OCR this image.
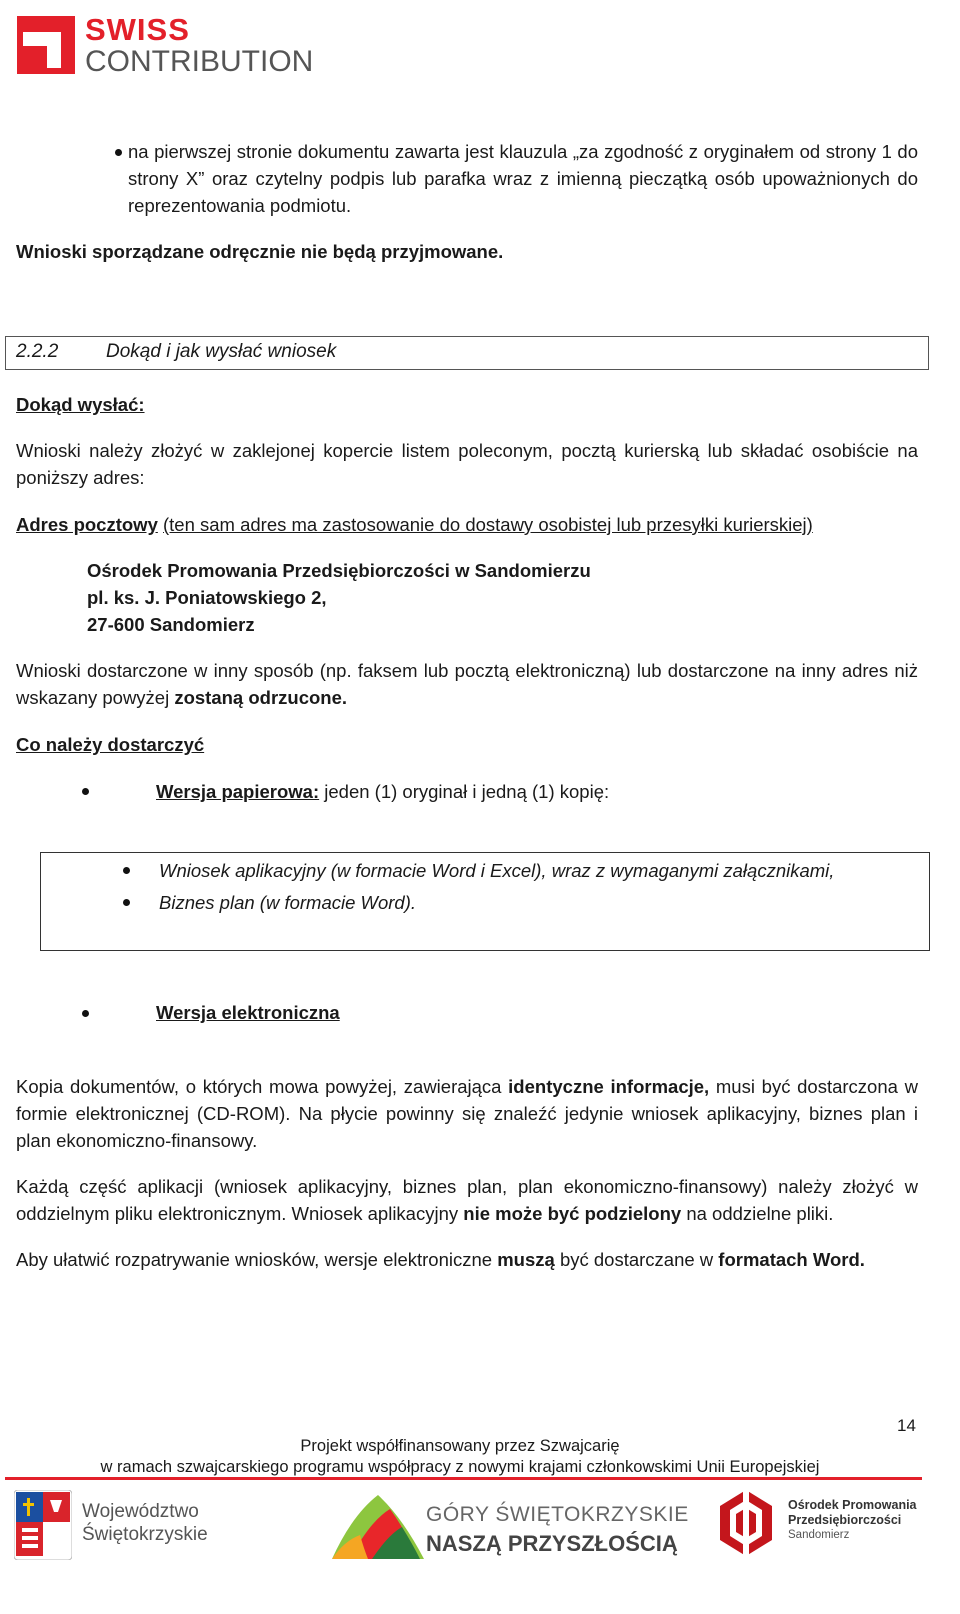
SWISS
CONTRIBUTION
na pierwszej stronie dokumentu zawarta jest klauzula „za zgodność z oryginałem od strony 1 do strony X” oraz czytelny podpis lub parafka wraz z imienną pieczątką osób upoważnionych do reprezentowania podmiotu.
Wnioski sporządzane odręcznie nie będą przyjmowane.
2.2.2	Dokąd i jak wysłać wniosek
Dokąd wysłać:
Wnioski należy złożyć w zaklejonej kopercie listem poleconym, pocztą kurierską lub składać osobiście na poniższy adres:
Adres pocztowy (ten sam adres ma zastosowanie do dostawy osobistej lub przesyłki kurierskiej)
Ośrodek Promowania Przedsiębiorczości w Sandomierzu
pl. ks. J. Poniatowskiego 2,
27-600 Sandomierz
Wnioski dostarczone w inny sposób (np. faksem lub pocztą elektroniczną) lub dostarczone na inny adres niż wskazany powyżej zostaną odrzucone.
Co należy dostarczyć
Wersja papierowa: jeden (1) oryginał i jedną (1) kopię:
Wniosek aplikacyjny (w formacie Word i Excel), wraz z wymaganymi załącznikami,
Biznes plan (w formacie Word).
Wersja elektroniczna
Kopia dokumentów, o których mowa powyżej, zawierająca identyczne informacje, musi być dostarczona w formie elektronicznej (CD-ROM). Na płycie powinny się znaleźć jedynie wniosek aplikacyjny, biznes plan i plan ekonomiczno-finansowy.
Każdą część aplikacji (wniosek aplikacyjny, biznes plan, plan ekonomiczno-finansowy) należy złożyć w oddzielnym pliku elektronicznym. Wniosek aplikacyjny nie może być podzielony na oddzielne pliki.
Aby ułatwić rozpatrywanie wniosków, wersje elektroniczne muszą być dostarczane w formatach Word.
14
Projekt współfinansowany przez Szwajcarię
w ramach szwajcarskiego programu współpracy z nowymi krajami członkowskimi Unii Europejskiej
Województwo
Świętokrzyskie
GÓRY ŚWIĘTOKRZYSKIE
NASZĄ PRZYSZŁOŚCIĄ
Ośrodek Promowania
Przedsiębiorczości
Sandomierz
